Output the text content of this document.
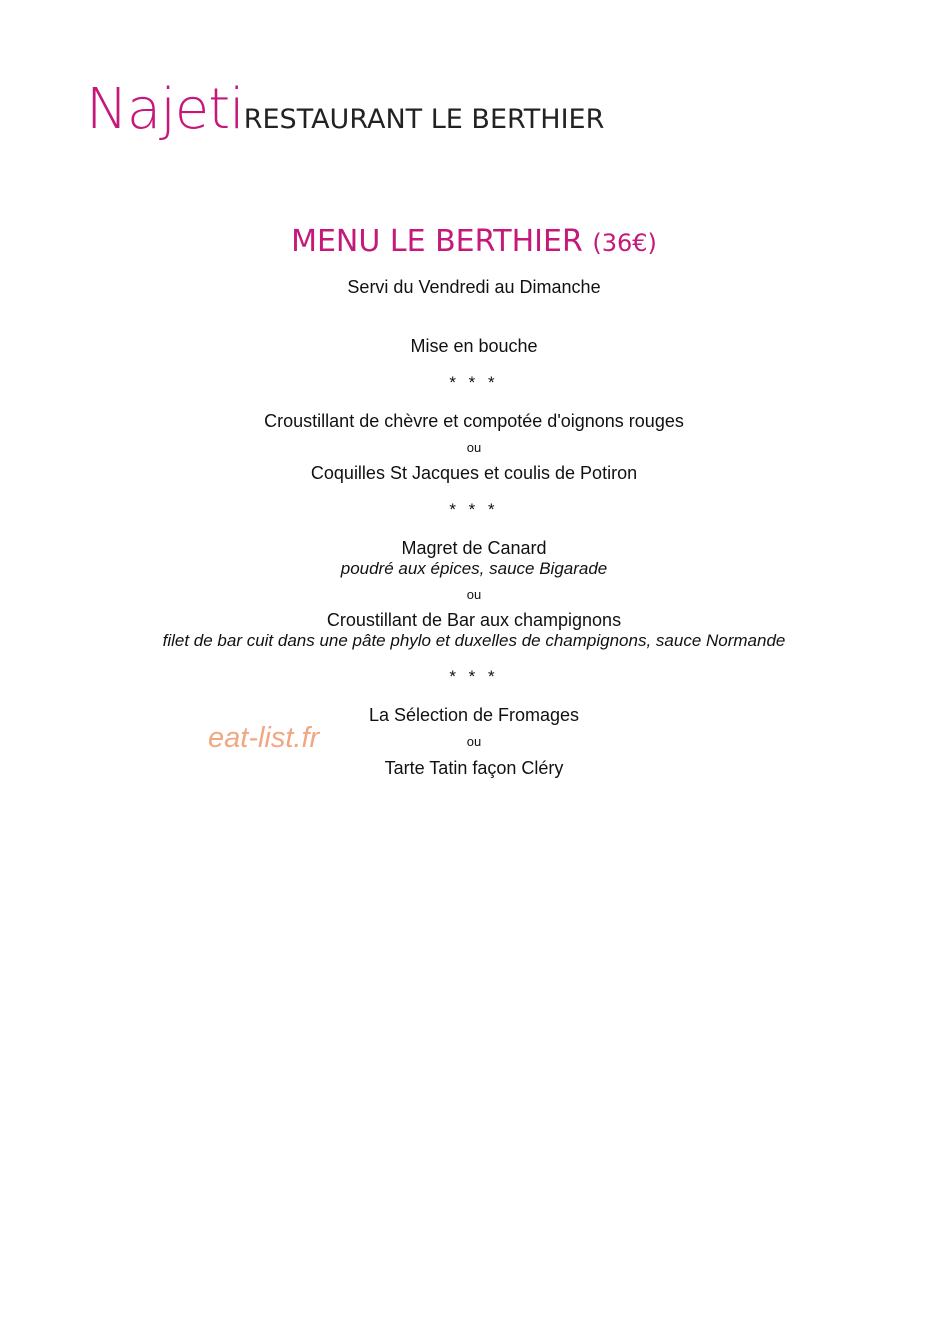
NajetiRESTAURANT LE BERTHIER
MENU LE BERTHIER (36€)
Servi du Vendredi au Dimanche
Mise en bouche
* * *
Croustillant de chèvre et compotée d'oignons rouges
ou
Coquilles St Jacques et coulis de Potiron
* * *
Magret de Canard
poudré aux épices, sauce Bigarade
ou
Croustillant de Bar aux champignons
filet de bar cuit dans une pâte phylo et duxelles de champignons, sauce Normande
* * *
La Sélection de Fromages
ou
Tarte Tatin façon Cléry
eat-list.fr
